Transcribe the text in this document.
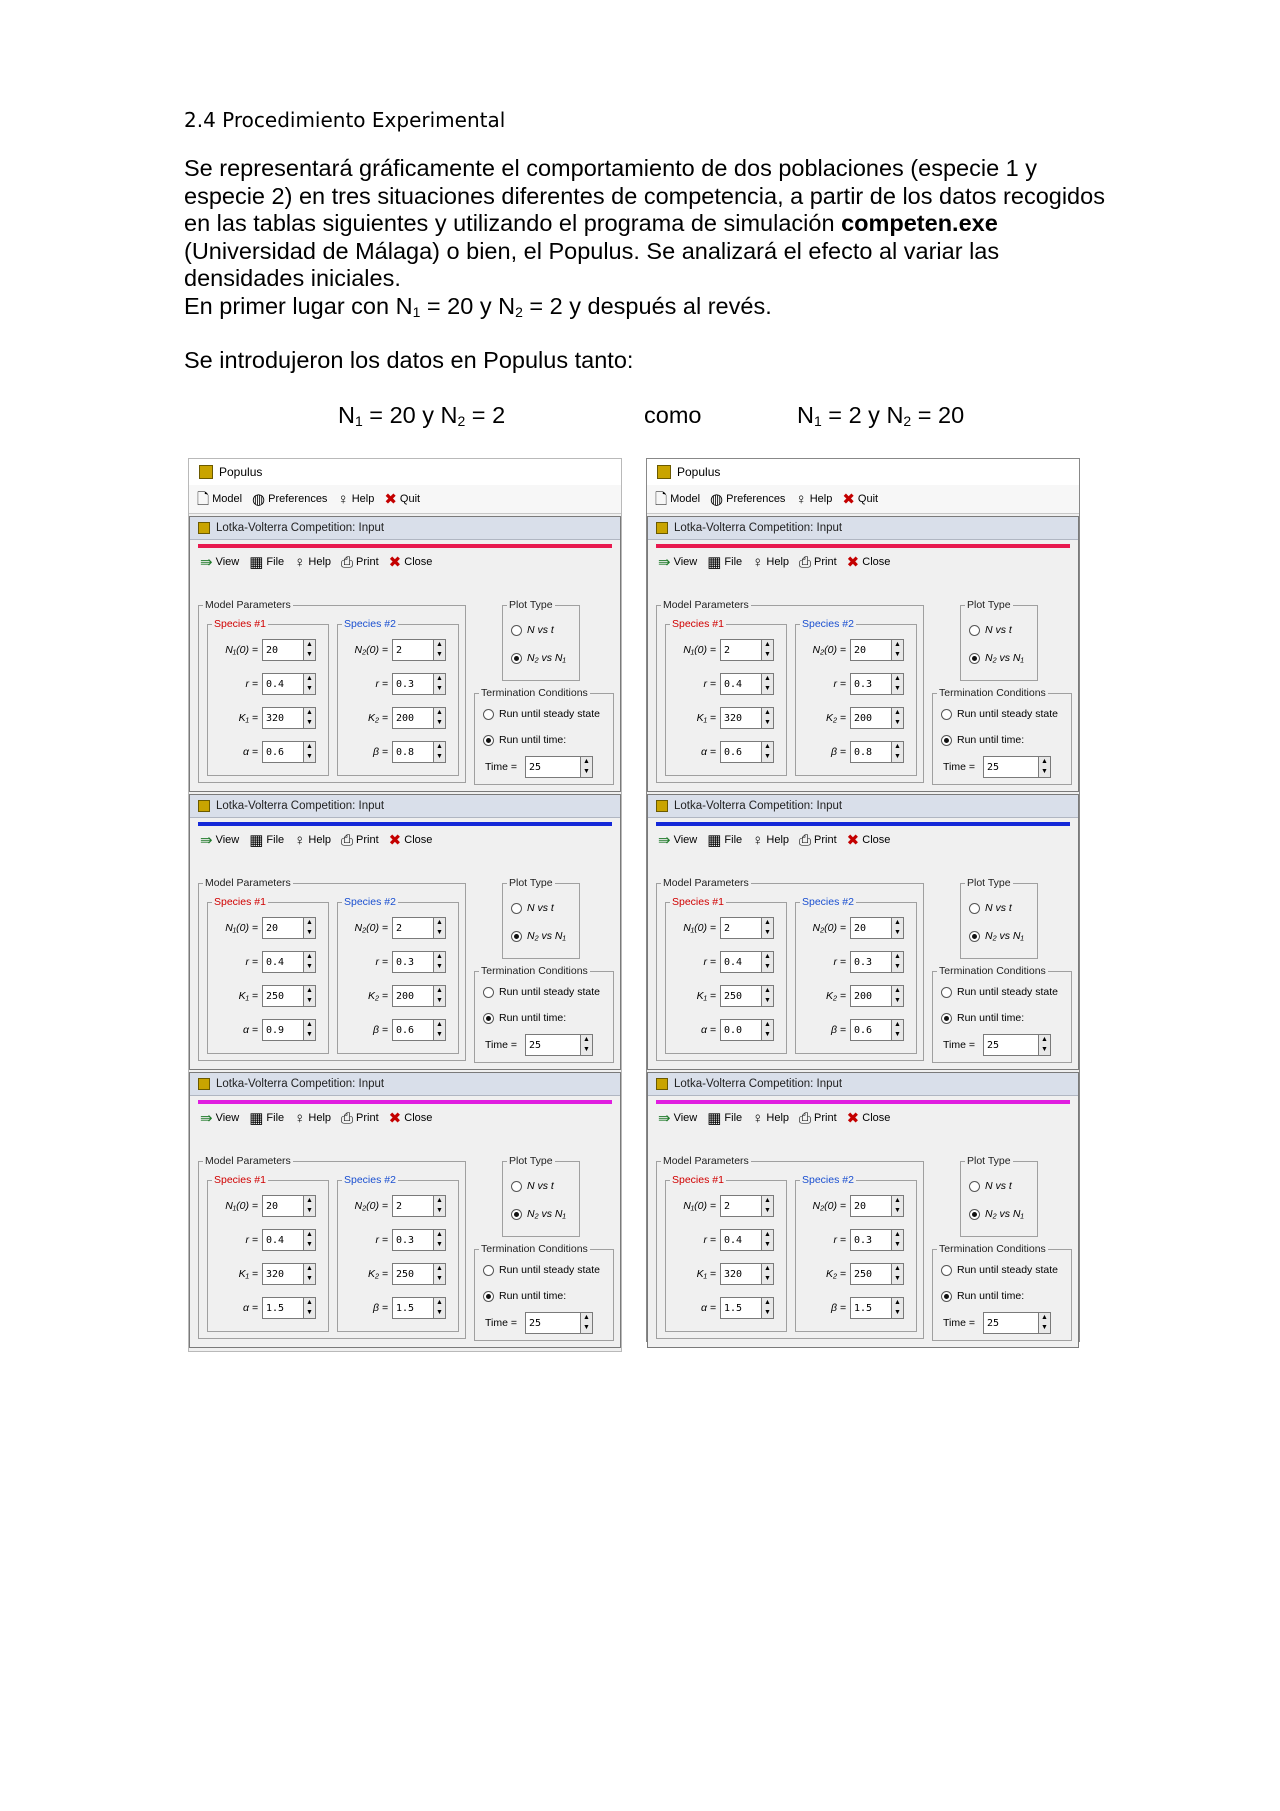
2.4 Procedimiento Experimental
Se representará gráficamente el comportamiento de dos poblaciones (especie 1 y especie 2) en tres situaciones diferentes de competencia, a partir de los datos recogidos en las tablas siguientes y utilizando el programa de simulación competen.exe (Universidad de Málaga) o bien, el Populus. Se analizará el efecto al variar las densidades iniciales.
En primer lugar con $N_1 = 20$ y $N_2 = 2$ y después al revés.
Se introdujeron los datos en Populus tanto:
$N_1 = 20$ y $N_2 = 2$	como	$N_1 = 2$ y $N_2 = 20$
Populus
🗋 Model ◍ Preferences ♀ Help ✖ Quit
Lotka-Volterra Competition: Input
⇛ View ▦ File ♀ Help ⎙ Print ✖ Close
Model Parameters
Species #1
N₁(0) = 20	▲
▼
r = 0.4	▲
▼
K₁ = 320	▲
▼
α = 0.6	▲
▼
Species #2
N₂(0) = 2	▲
▼
r = 0.3	▲
▼
K₂ = 200	▲
▼
β = 0.8	▲
▼
Plot Type
N vs t
N₂ vs N₁
Termination Conditions
Run until steady state
Run until time:
Time =	25	▲
▼
Lotka-Volterra Competition: Input
⇛ View ▦ File ♀ Help ⎙ Print ✖ Close
Model Parameters
Species #1
N₁(0) = 20	▲
▼
r = 0.4	▲
▼
K₁ = 250	▲
▼
α = 0.9	▲
▼
Species #2
N₂(0) = 2	▲
▼
r = 0.3	▲
▼
K₂ = 200	▲
▼
β = 0.6	▲
▼
Plot Type
N vs t
N₂ vs N₁
Termination Conditions
Run until steady state
Run until time:
Time =	25	▲
▼
Lotka-Volterra Competition: Input
⇛ View ▦ File ♀ Help ⎙ Print ✖ Close
Model Parameters
Species #1
N₁(0) = 20	▲
▼
r = 0.4	▲
▼
K₁ = 320	▲
▼
α = 1.5	▲
▼
Species #2
N₂(0) = 2	▲
▼
r = 0.3	▲
▼
K₂ = 250	▲
▼
β = 1.5	▲
▼
Plot Type
N vs t
N₂ vs N₁
Termination Conditions
Run until steady state
Run until time:
Time =	25	▲
▼
Populus
🗋 Model ◍ Preferences ♀ Help ✖ Quit
Lotka-Volterra Competition: Input
⇛ View ▦ File ♀ Help ⎙ Print ✖ Close
Model Parameters
Species #1
N₁(0) = 2	▲
▼
r = 0.4	▲
▼
K₁ = 320	▲
▼
α = 0.6	▲
▼
Species #2
N₂(0) = 20	▲
▼
r = 0.3	▲
▼
K₂ = 200	▲
▼
β = 0.8	▲
▼
Plot Type
N vs t
N₂ vs N₁
Termination Conditions
Run until steady state
Run until time:
Time =	25	▲
▼
Lotka-Volterra Competition: Input
⇛ View ▦ File ♀ Help ⎙ Print ✖ Close
Model Parameters
Species #1
N₁(0) = 2	▲
▼
r = 0.4	▲
▼
K₁ = 250	▲
▼
α = 0.0	▲
▼
Species #2
N₂(0) = 20	▲
▼
r = 0.3	▲
▼
K₂ = 200	▲
▼
β = 0.6	▲
▼
Plot Type
N vs t
N₂ vs N₁
Termination Conditions
Run until steady state
Run until time:
Time =	25	▲
▼
Lotka-Volterra Competition: Input
⇛ View ▦ File ♀ Help ⎙ Print ✖ Close
Model Parameters
Species #1
N₁(0) = 2	▲
▼
r = 0.4	▲
▼
K₁ = 320	▲
▼
α = 1.5	▲
▼
Species #2
N₂(0) = 20	▲
▼
r = 0.3	▲
▼
K₂ = 250	▲
▼
β = 1.5	▲
▼
Plot Type
N vs t
N₂ vs N₁
Termination Conditions
Run until steady state
Run until time:
Time =	25	▲
▼
